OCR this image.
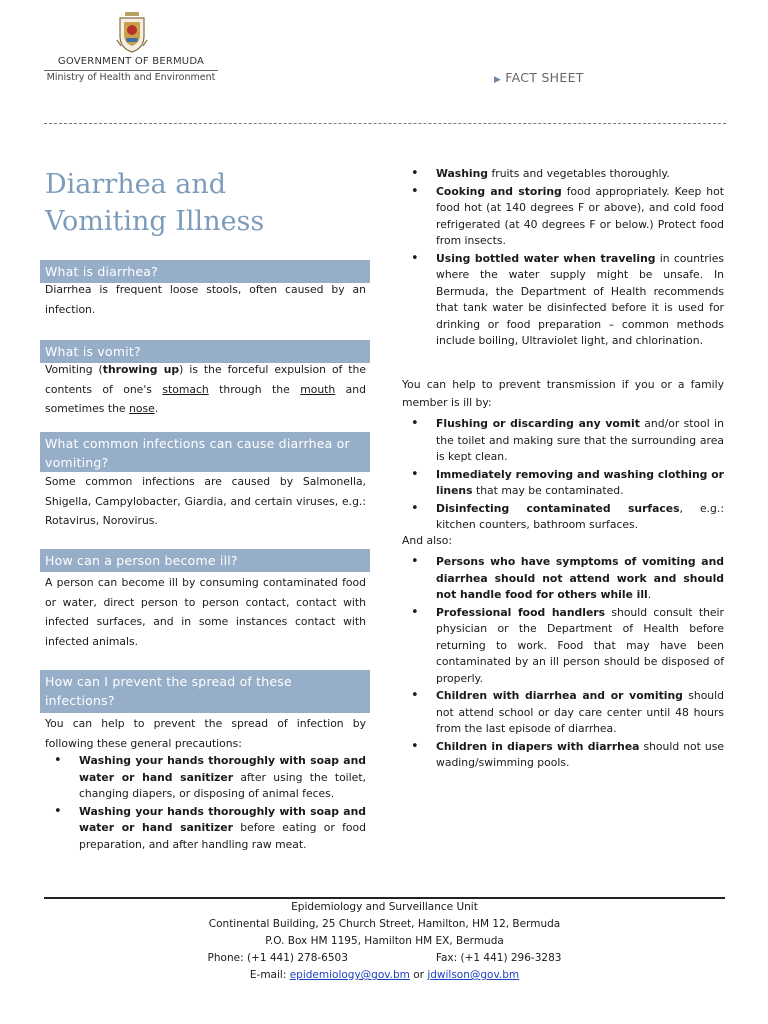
GOVERNMENT OF BERMUDA
Ministry of Health and Environment	▶ FACT SHEET
Diarrhea and
Vomiting Illness
What is diarrhea?
Diarrhea is frequent loose stools, often caused by an infection.
What is vomit?
Vomiting (throwing up) is the forceful expulsion of the contents of one's stomach through the mouth and sometimes the nose.
What common infections can cause diarrhea or vomiting?
Some common infections are caused by Salmonella, Shigella, Campylobacter, Giardia, and certain viruses, e.g.: Rotavirus, Norovirus.
How can a person become ill?
A person can become ill by consuming contaminated food or water, direct person to person contact, contact with infected surfaces, and in some instances contact with infected animals.
How can I prevent the spread of these infections?
You can help to prevent the spread of infection by following these general precautions:
• Washing your hands thoroughly with soap and water or hand sanitizer after using the toilet, changing diapers, or disposing of animal feces.
• Washing your hands thoroughly with soap and water or hand sanitizer before eating or food preparation, and after handling raw meat.
• Washing fruits and vegetables thoroughly.
• Cooking and storing food appropriately. Keep hot food hot (at 140 degrees F or above), and cold food refrigerated (at 40 degrees F or below.) Protect food from insects.
• Using bottled water when traveling in countries where the water supply might be unsafe. In Bermuda, the Department of Health recommends that tank water be disinfected before it is used for drinking or food preparation – common methods include boiling, Ultraviolet light, and chlorination.
You can help to prevent transmission if you or a family member is ill by:
• Flushing or discarding any vomit and/or stool in the toilet and making sure that the surrounding area is kept clean.
• Immediately removing and washing clothing or linens that may be contaminated.
• Disinfecting contaminated surfaces, e.g.: kitchen counters, bathroom surfaces.
And also:
• Persons who have symptoms of vomiting and diarrhea should not attend work and should not handle food for others while ill.
• Professional food handlers should consult their physician or the Department of Health before returning to work. Food that may have been contaminated by an ill person should be disposed of properly.
• Children with diarrhea and or vomiting should not attend school or day care center until 48 hours from the last episode of diarrhea.
• Children in diapers with diarrhea should not use wading/swimming pools.
Epidemiology and Surveillance Unit
Continental Building, 25 Church Street, Hamilton, HM 12, Bermuda
P.O. Box HM 1195, Hamilton HM EX, Bermuda
Phone: (+1 441) 278-6503	Fax: (+1 441) 296-3283
E-mail: epidemiology@gov.bm or jdwilson@gov.bm
